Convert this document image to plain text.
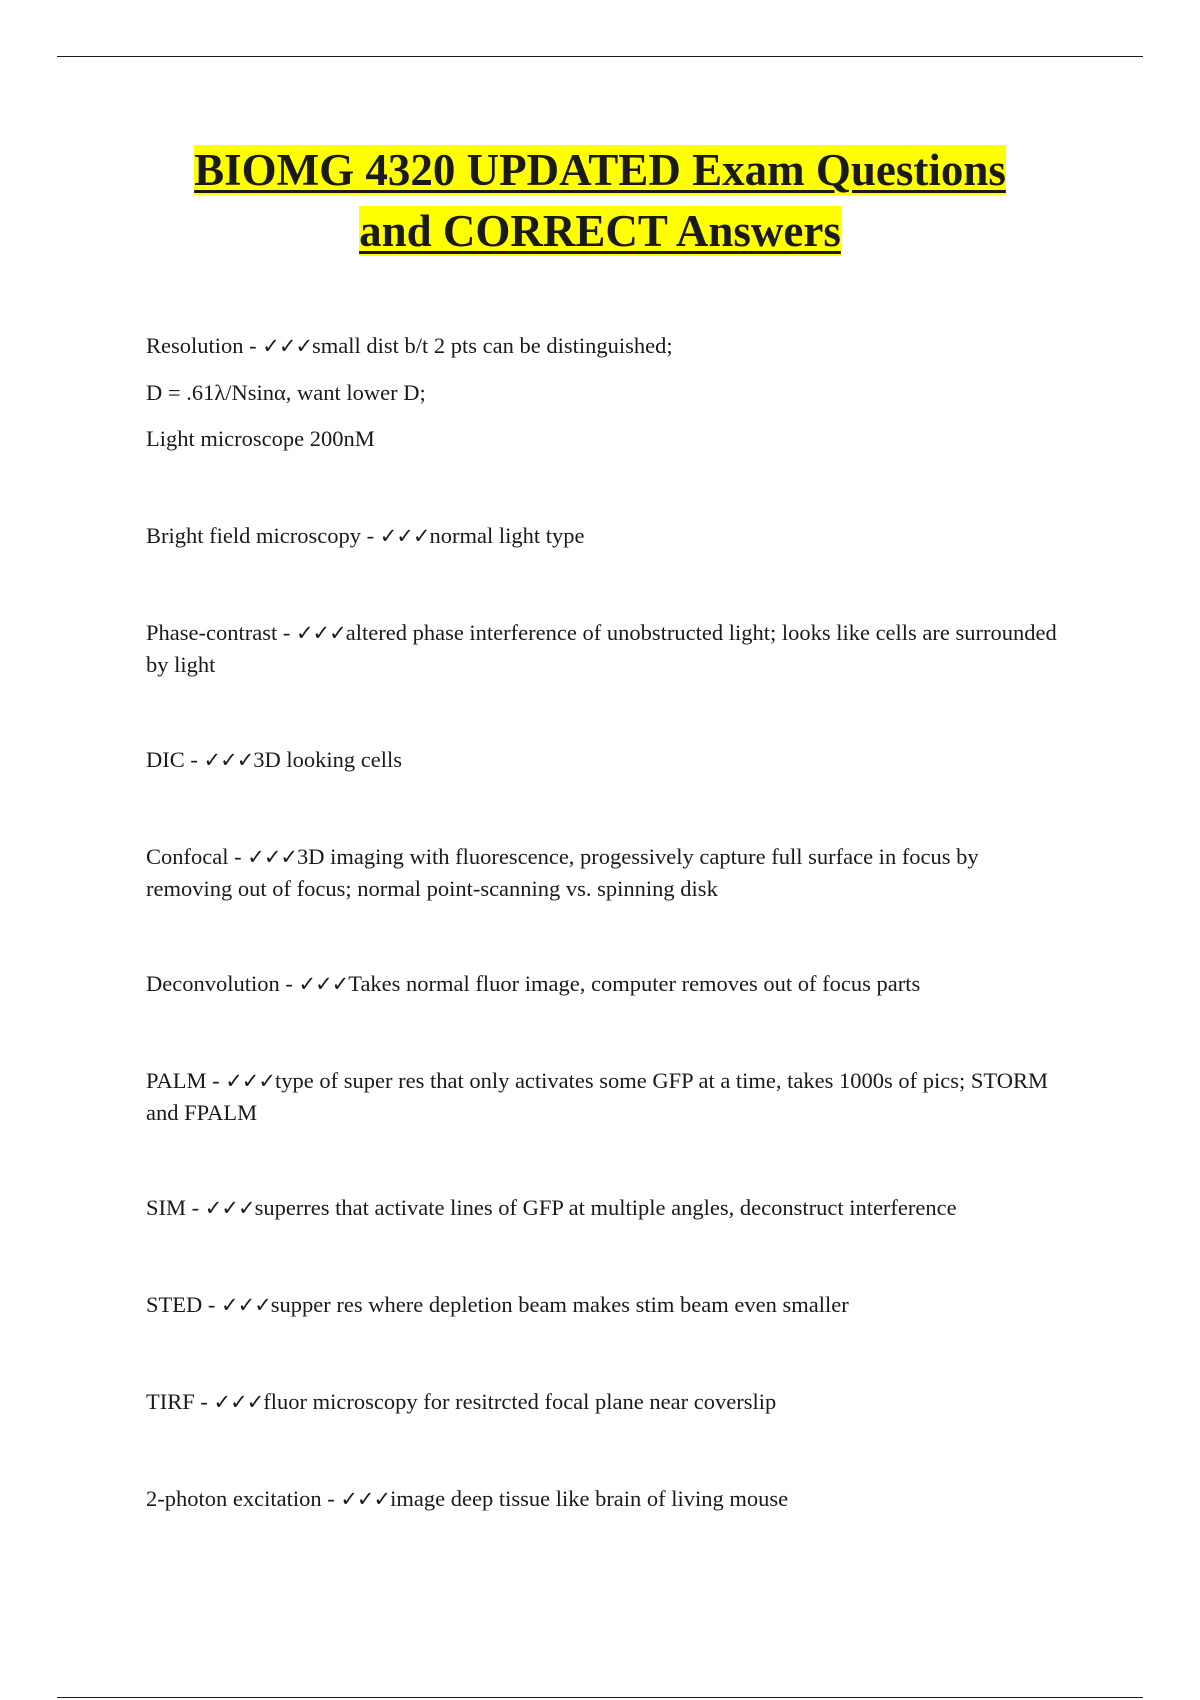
BIOMG 4320 UPDATED Exam Questions
and CORRECT Answers
Resolution - ✓✓✓small dist b/t 2 pts can be distinguished;
D = .61λ/Nsinα, want lower D;
Light microscope 200nM
Bright field microscopy - ✓✓✓normal light type
Phase-contrast - ✓✓✓altered phase interference of unobstructed light; looks like cells are surrounded by light
DIC - ✓✓✓3D looking cells
Confocal - ✓✓✓3D imaging with fluorescence, progessively capture full surface in focus by removing out of focus; normal point-scanning vs. spinning disk
Deconvolution - ✓✓✓Takes normal fluor image, computer removes out of focus parts
PALM - ✓✓✓type of super res that only activates some GFP at a time, takes 1000s of pics; STORM and FPALM
SIM - ✓✓✓superres that activate lines of GFP at multiple angles, deconstruct interference
STED - ✓✓✓supper res where depletion beam makes stim beam even smaller
TIRF - ✓✓✓fluor microscopy for resitrcted focal plane near coverslip
2-photon excitation - ✓✓✓image deep tissue like brain of living mouse
